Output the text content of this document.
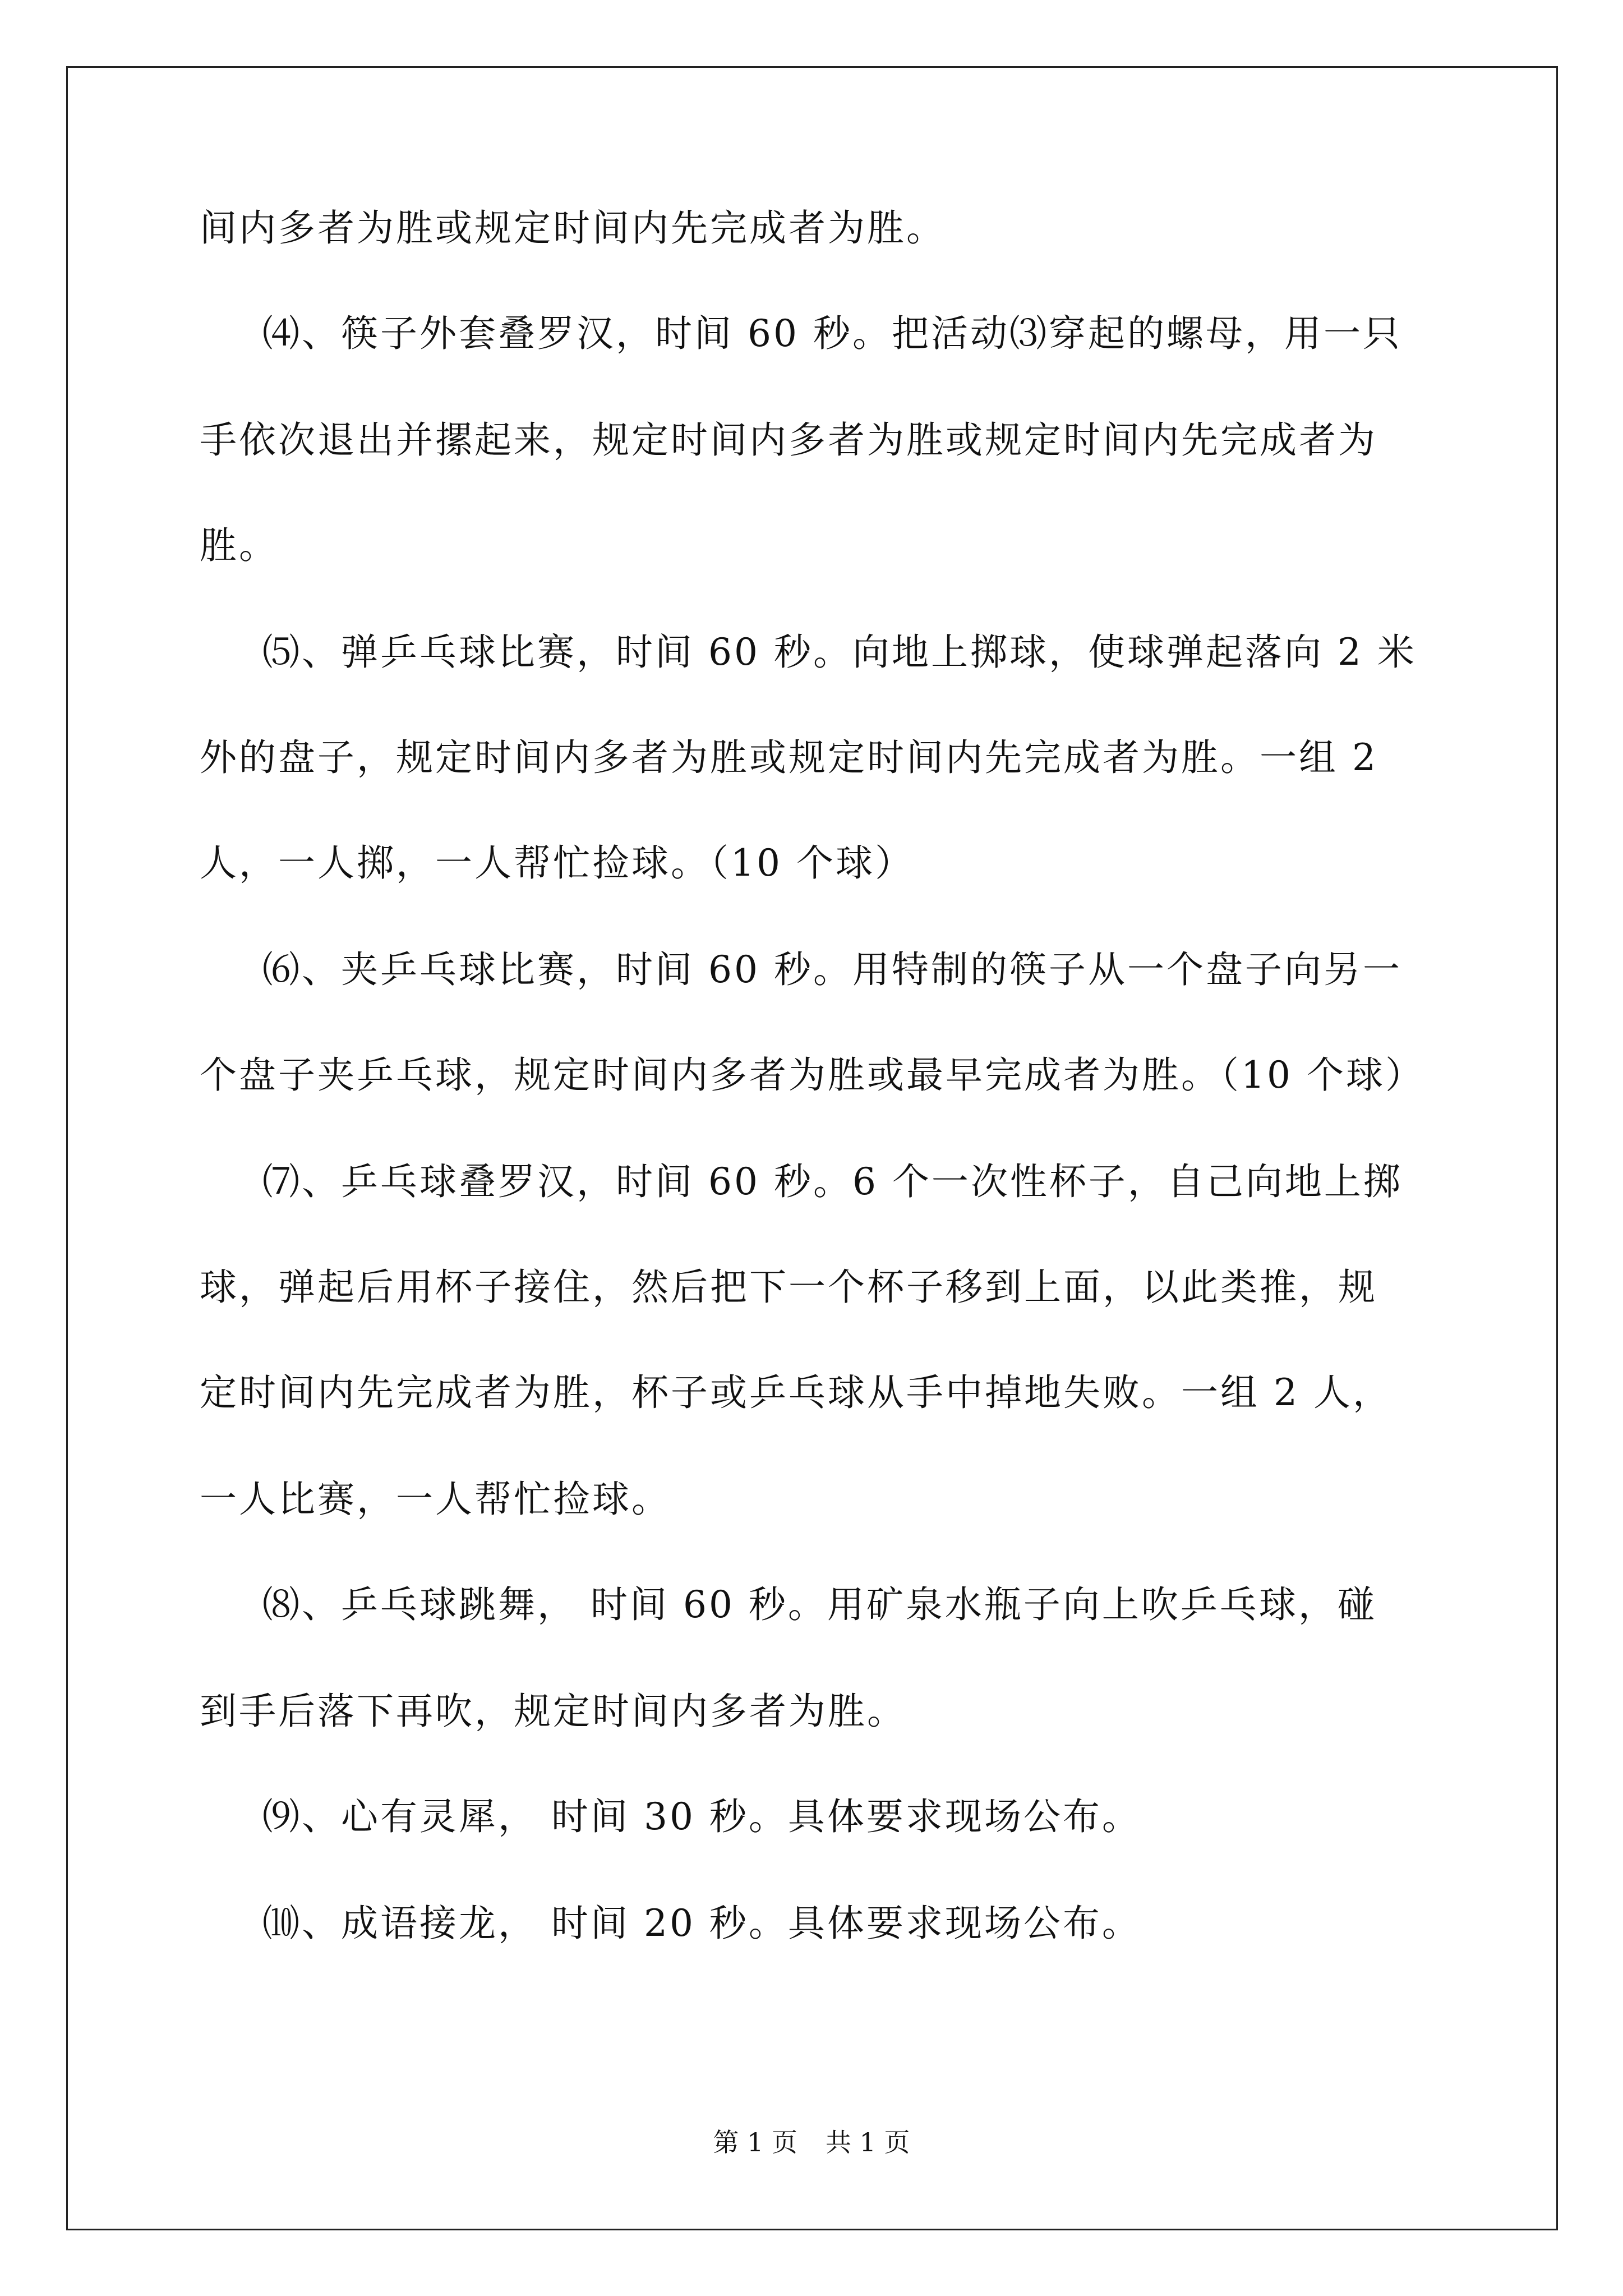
间内多者为胜或规定时间内先完成者为胜。
⑷、筷子外套叠罗汉，时间 60 秒。把活动⑶穿起的螺母，用一只
手依次退出并摞起来，规定时间内多者为胜或规定时间内先完成者为
胜。
⑸、弹乒乓球比赛，时间 60 秒。向地上掷球，使球弹起落向 2 米
外的盘子，规定时间内多者为胜或规定时间内先完成者为胜。一组 2
人，一人掷，一人帮忙捡球。（10 个球）
⑹、夹乒乓球比赛，时间 60 秒。用特制的筷子从一个盘子向另一
个盘子夹乒乓球，规定时间内多者为胜或最早完成者为胜。（10 个球）
⑺、乒乓球叠罗汉，时间 60 秒。6 个一次性杯子，自己向地上掷
球，弹起后用杯子接住，然后把下一个杯子移到上面，以此类推，规
定时间内先完成者为胜，杯子或乒乓球从手中掉地失败。一组 2 人，
一人比赛，一人帮忙捡球。
⑻、乒乓球跳舞， 时间 60 秒。用矿泉水瓶子向上吹乒乓球，碰
到手后落下再吹，规定时间内多者为胜。
⑼、心有灵犀， 时间 30 秒。具体要求现场公布。
⑽、成语接龙， 时间 20 秒。具体要求现场公布。
第 1 页 共 1 页
